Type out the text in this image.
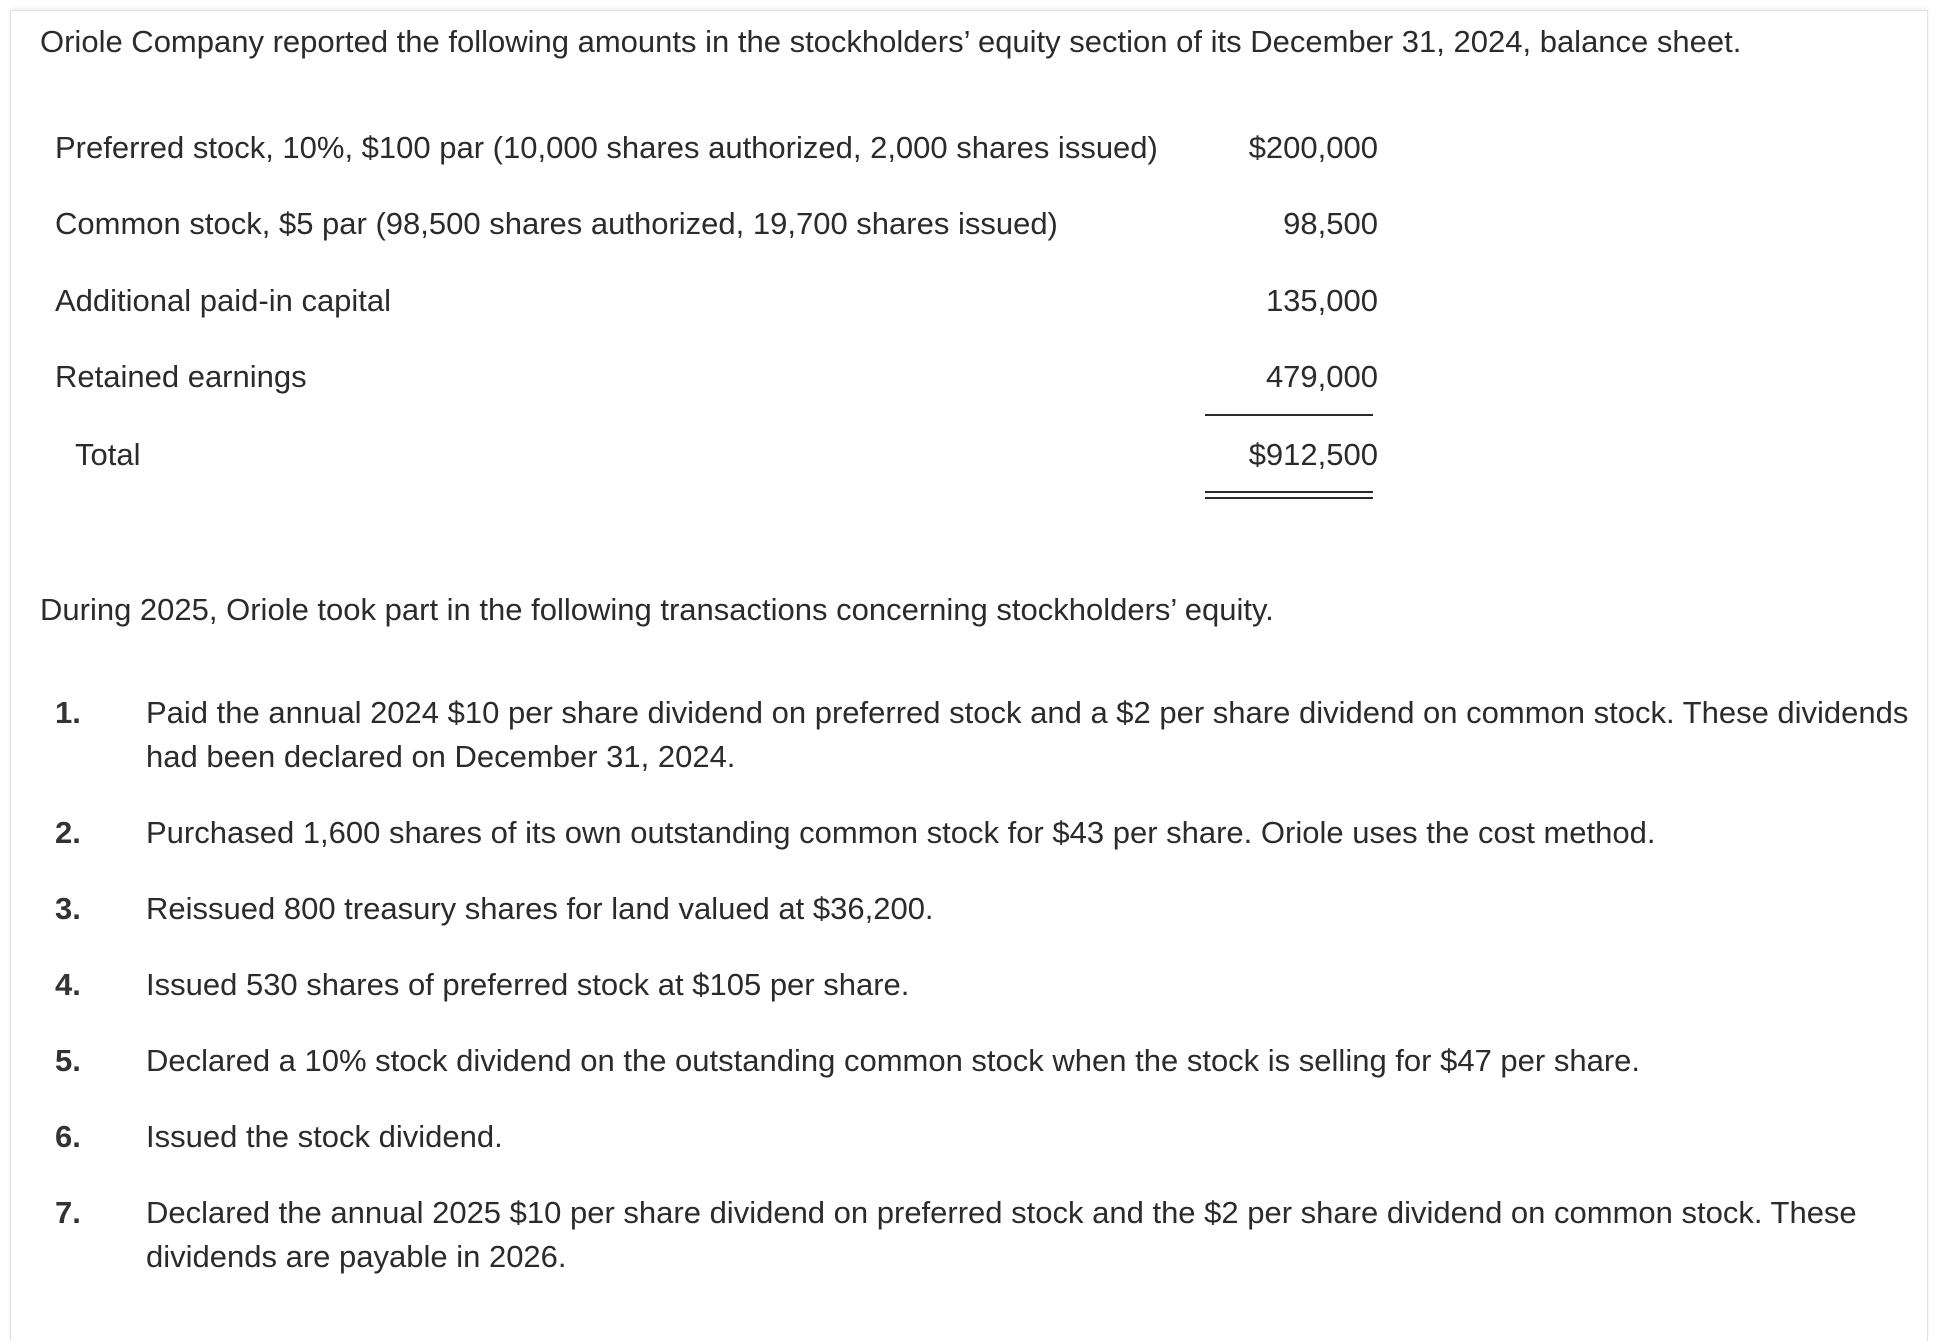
Oriole Company reported the following amounts in the stockholders’ equity section of its December 31, 2024, balance sheet.
Preferred stock, 10%, $100 par (10,000 shares authorized, 2,000 shares issued)	$200,000
Common stock, $5 par (98,500 shares authorized, 19,700 shares issued)	98,500
Additional paid-in capital	135,000
Retained earnings	479,000
Total	$912,500
During 2025, Oriole took part in the following transactions concerning stockholders’ equity.
1. Paid the annual 2024 $10 per share dividend on preferred stock and a $2 per share dividend on common stock. These dividends had been declared on December 31, 2024.
2. Purchased 1,600 shares of its own outstanding common stock for $43 per share. Oriole uses the cost method.
3. Reissued 800 treasury shares for land valued at $36,200.
4. Issued 530 shares of preferred stock at $105 per share.
5. Declared a 10% stock dividend on the outstanding common stock when the stock is selling for $47 per share.
6. Issued the stock dividend.
7. Declared the annual 2025 $10 per share dividend on preferred stock and the $2 per share dividend on common stock. These dividends are payable in 2026.
